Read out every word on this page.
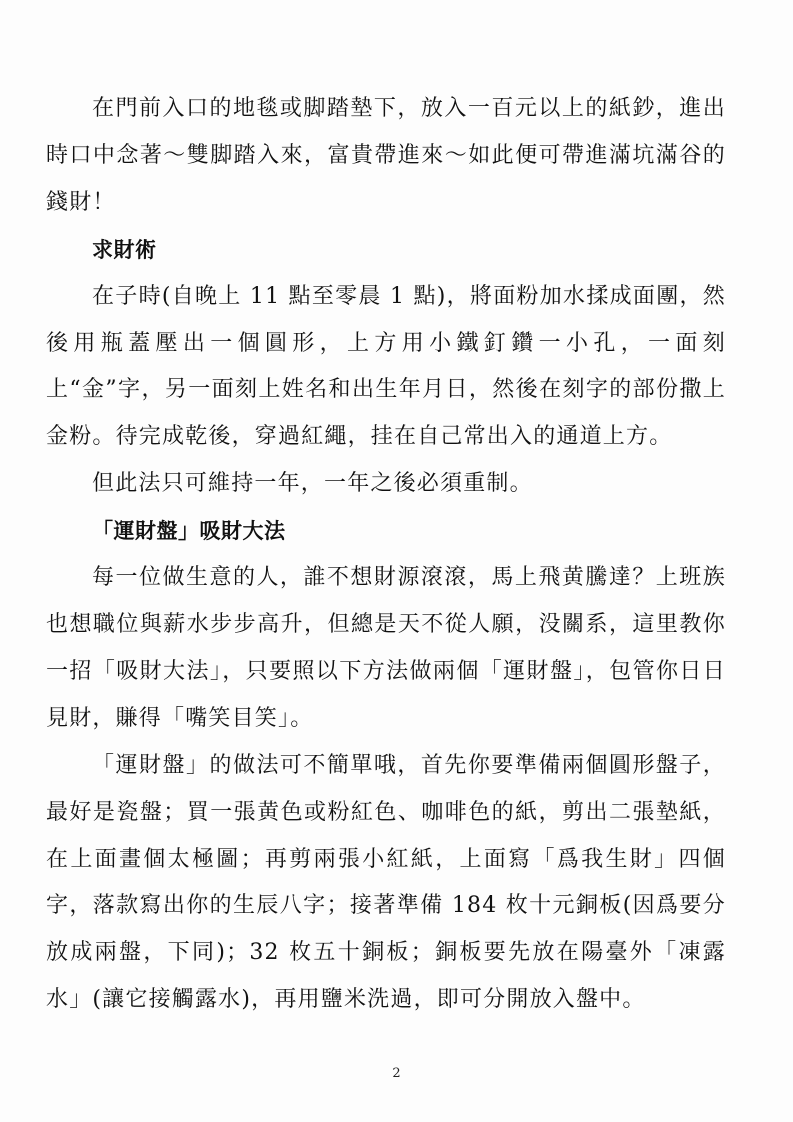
在門前入口的地毯或脚踏墊下，放入一百元以上的紙鈔，進出時口中念著～雙脚踏入來，富貴帶進來～如此便可帶進滿坑滿谷的錢財！

求財術

在子時(自晚上 11 點至零晨 1 點)，將面粉加水揉成面團，然後用瓶蓋壓出一個圓形，上方用小鐵釘鑽一小孔，一面刻上“金”字，另一面刻上姓名和出生年月日，然後在刻字的部份撒上金粉。待完成乾後，穿過紅繩，挂在自己常出入的通道上方。

但此法只可維持一年，一年之後必須重制。

「運財盤」吸財大法

每一位做生意的人，誰不想財源滾滾，馬上飛黄騰達？上班族也想職位與薪水步步高升，但總是天不從人願，没關系，這里教你一招「吸財大法」，只要照以下方法做兩個「運財盤」，包管你日日見財，賺得「嘴笑目笑」。

「運財盤」的做法可不簡單哦，首先你要準備兩個圓形盤子，最好是瓷盤；買一張黄色或粉紅色、咖啡色的紙，剪出二張墊紙，在上面畫個太極圖；再剪兩張小紅紙，上面寫「爲我生財」四個字，落款寫出你的生辰八字；接著準備 184 枚十元銅板(因爲要分放成兩盤，下同)；32 枚五十銅板；銅板要先放在陽臺外「凍露水」(讓它接觸露水)，再用鹽米洗過，即可分開放入盤中。

2
